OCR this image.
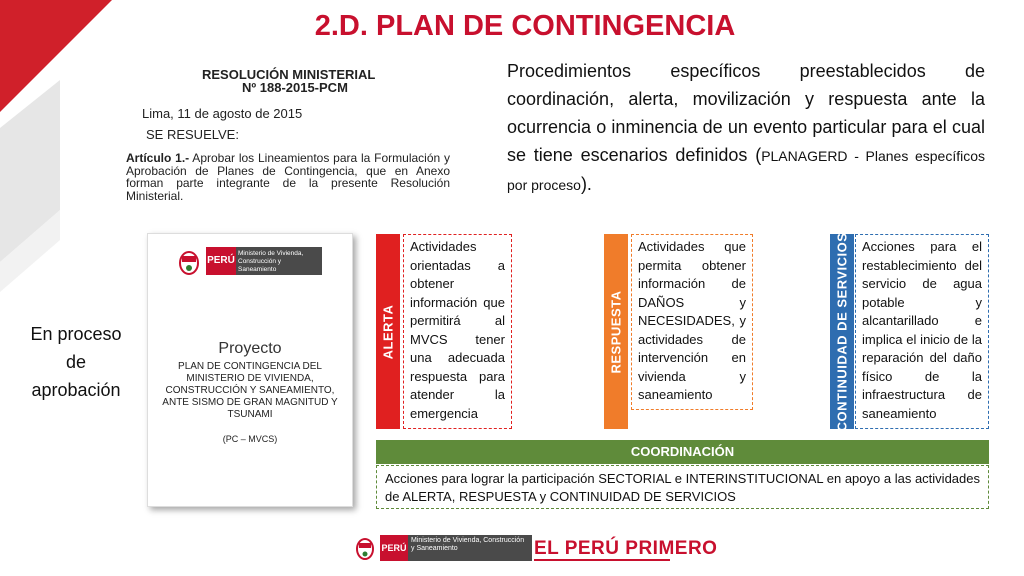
2.D. PLAN DE CONTINGENCIA
RESOLUCIÓN MINISTERIAL
Nº 188-2015-PCM
Lima, 11 de agosto de 2015
SE RESUELVE:
Artículo 1.- Aprobar los Lineamientos para la Formulación y Aprobación de Planes de Contingencia, que en Anexo forman parte integrante de la presente Resolución Ministerial.
Procedimientos específicos preestablecidos de coordinación, alerta, movilización y respuesta ante la ocurrencia o inminencia de un evento particular para el cual se tiene escenarios definidos (PLANAGERD - Planes específicos por proceso).
PERÚ
Ministerio de Vivienda, Construcción y Saneamiento
Proyecto
PLAN DE CONTINGENCIA DEL MINISTERIO DE VIVIENDA, CONSTRUCCIÓN Y SANEAMIENTO, ANTE SISMO DE GRAN MAGNITUD Y TSUNAMI
(PC – MVCS)
En proceso de aprobación
ALERTA
Actividades orientadas a obtener información que permitirá al MVCS tener una adecuada respuesta para atender la emergencia
RESPUESTA
Actividades que permita obtener información de DAÑOS y NECESIDADES, y actividades de intervención en vivienda y saneamiento	CONTINUIDAD DE SERVICIOS Acciones para el restablecimiento del servicio de agua potable y alcantarillado e implica el inicio de la reparación del daño físico de la infraestructura de saneamiento
COORDINACIÓN
Acciones para lograr la participación SECTORIAL e INTERINSTITUCIONAL en apoyo a las actividades de ALERTA, RESPUESTA y CONTINUIDAD DE SERVICIOS
PERÚ
Ministerio de Vivienda, Construcción y Saneamiento	EL PERÚ PRIMERO
